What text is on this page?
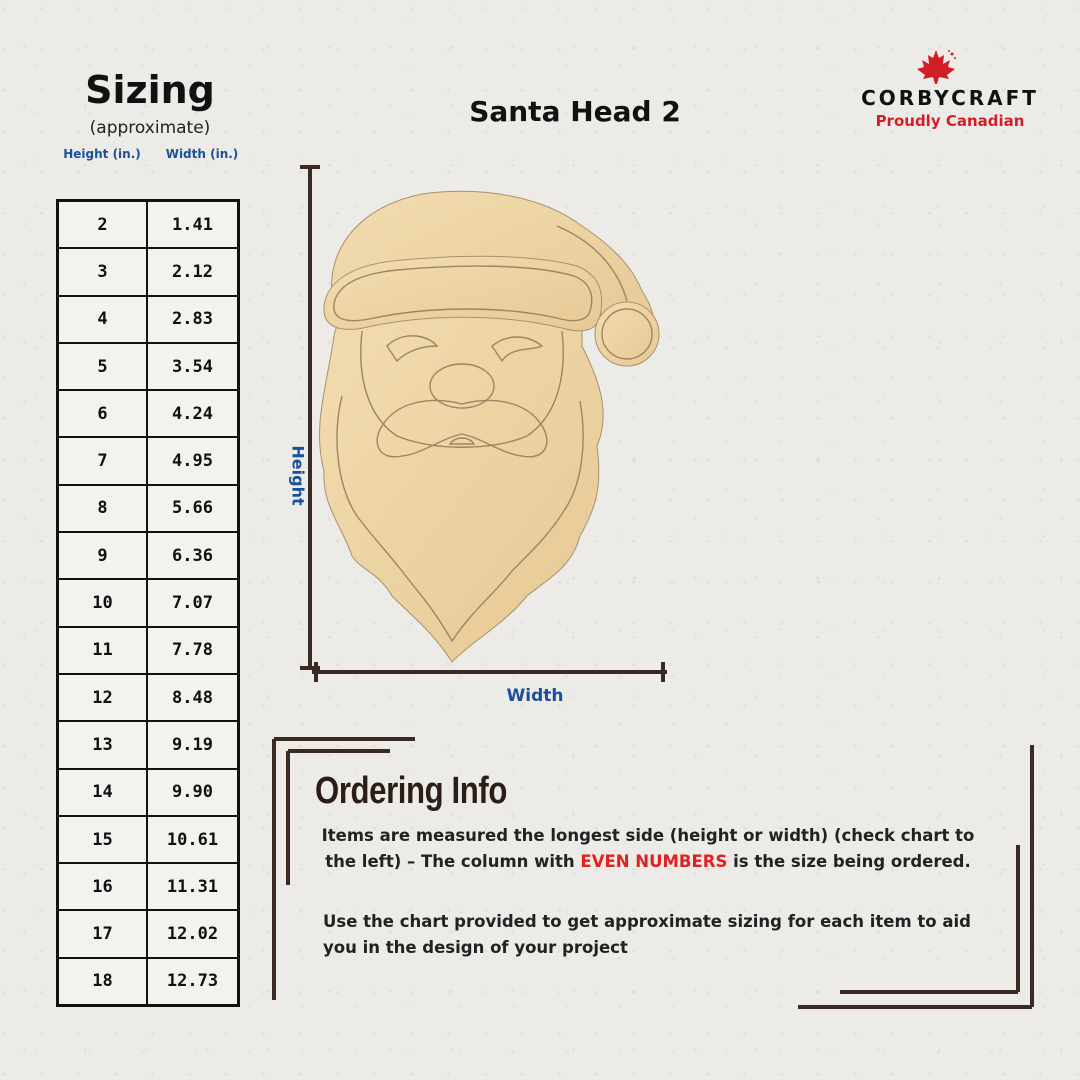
Sizing
(approximate)
Height (in.)	Width (in.)
2	1.41
3	2.12
4	2.83
5	3.54
6	4.24
7	4.95
8	5.66
9	6.36
10	7.07
11	7.78
12	8.48
13	9.19
14	9.90
15	10.61
16	11.31
17	12.02
18	12.73
Santa Head 2	CORBYCRAFT
Proudly Canadian
Height
Width
Ordering Info
Items are measured the longest side (height or width) (check chart to the left) – The column with EVEN NUMBERS is the size being ordered.
Use the chart provided to get approximate sizing for each item to aid you in the design of your project
